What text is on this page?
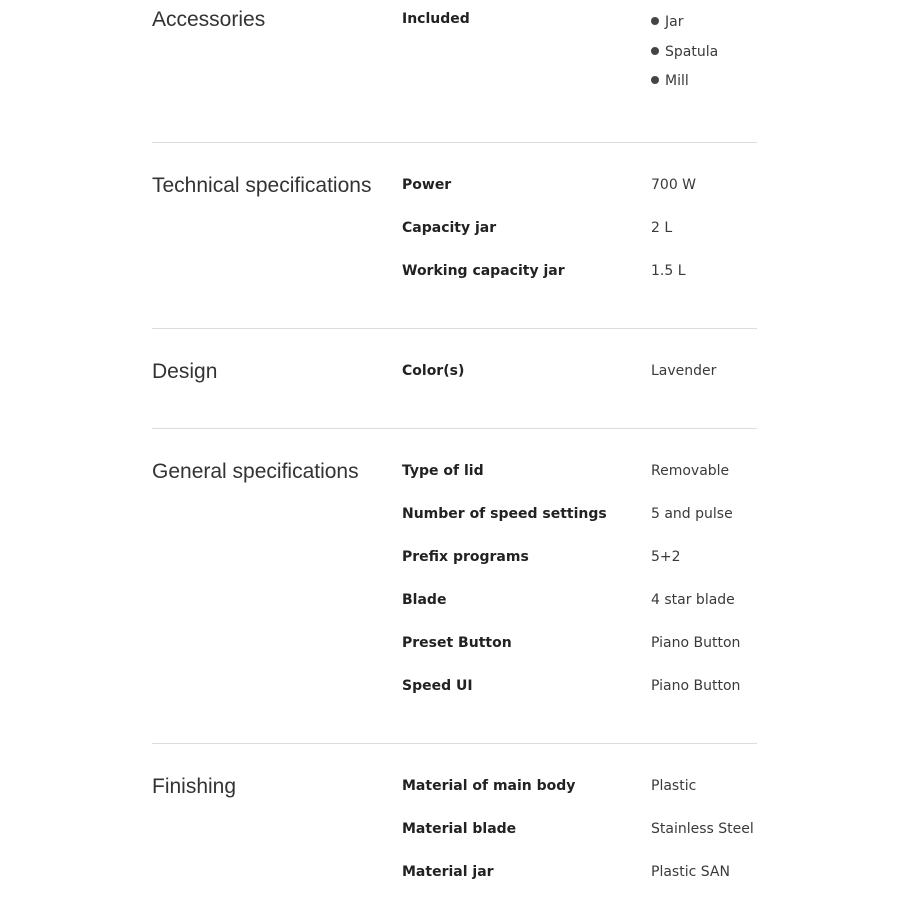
Accessories	Included	Jar
Spatula
Mill
Technical specifications Power	700 W
Capacity jar	2 L
Working capacity jar	1.5 L
Design	Color(s)	Lavender
General specifications	Type of lid	Removable
Number of speed settings	5 and pulse
Prefix programs	5+2
Blade	4 star blade
Preset Button	Piano Button
Speed UI	Piano Button
Finishing	Material of main body	Plastic
Material blade	Stainless Steel
Material jar	Plastic SAN
